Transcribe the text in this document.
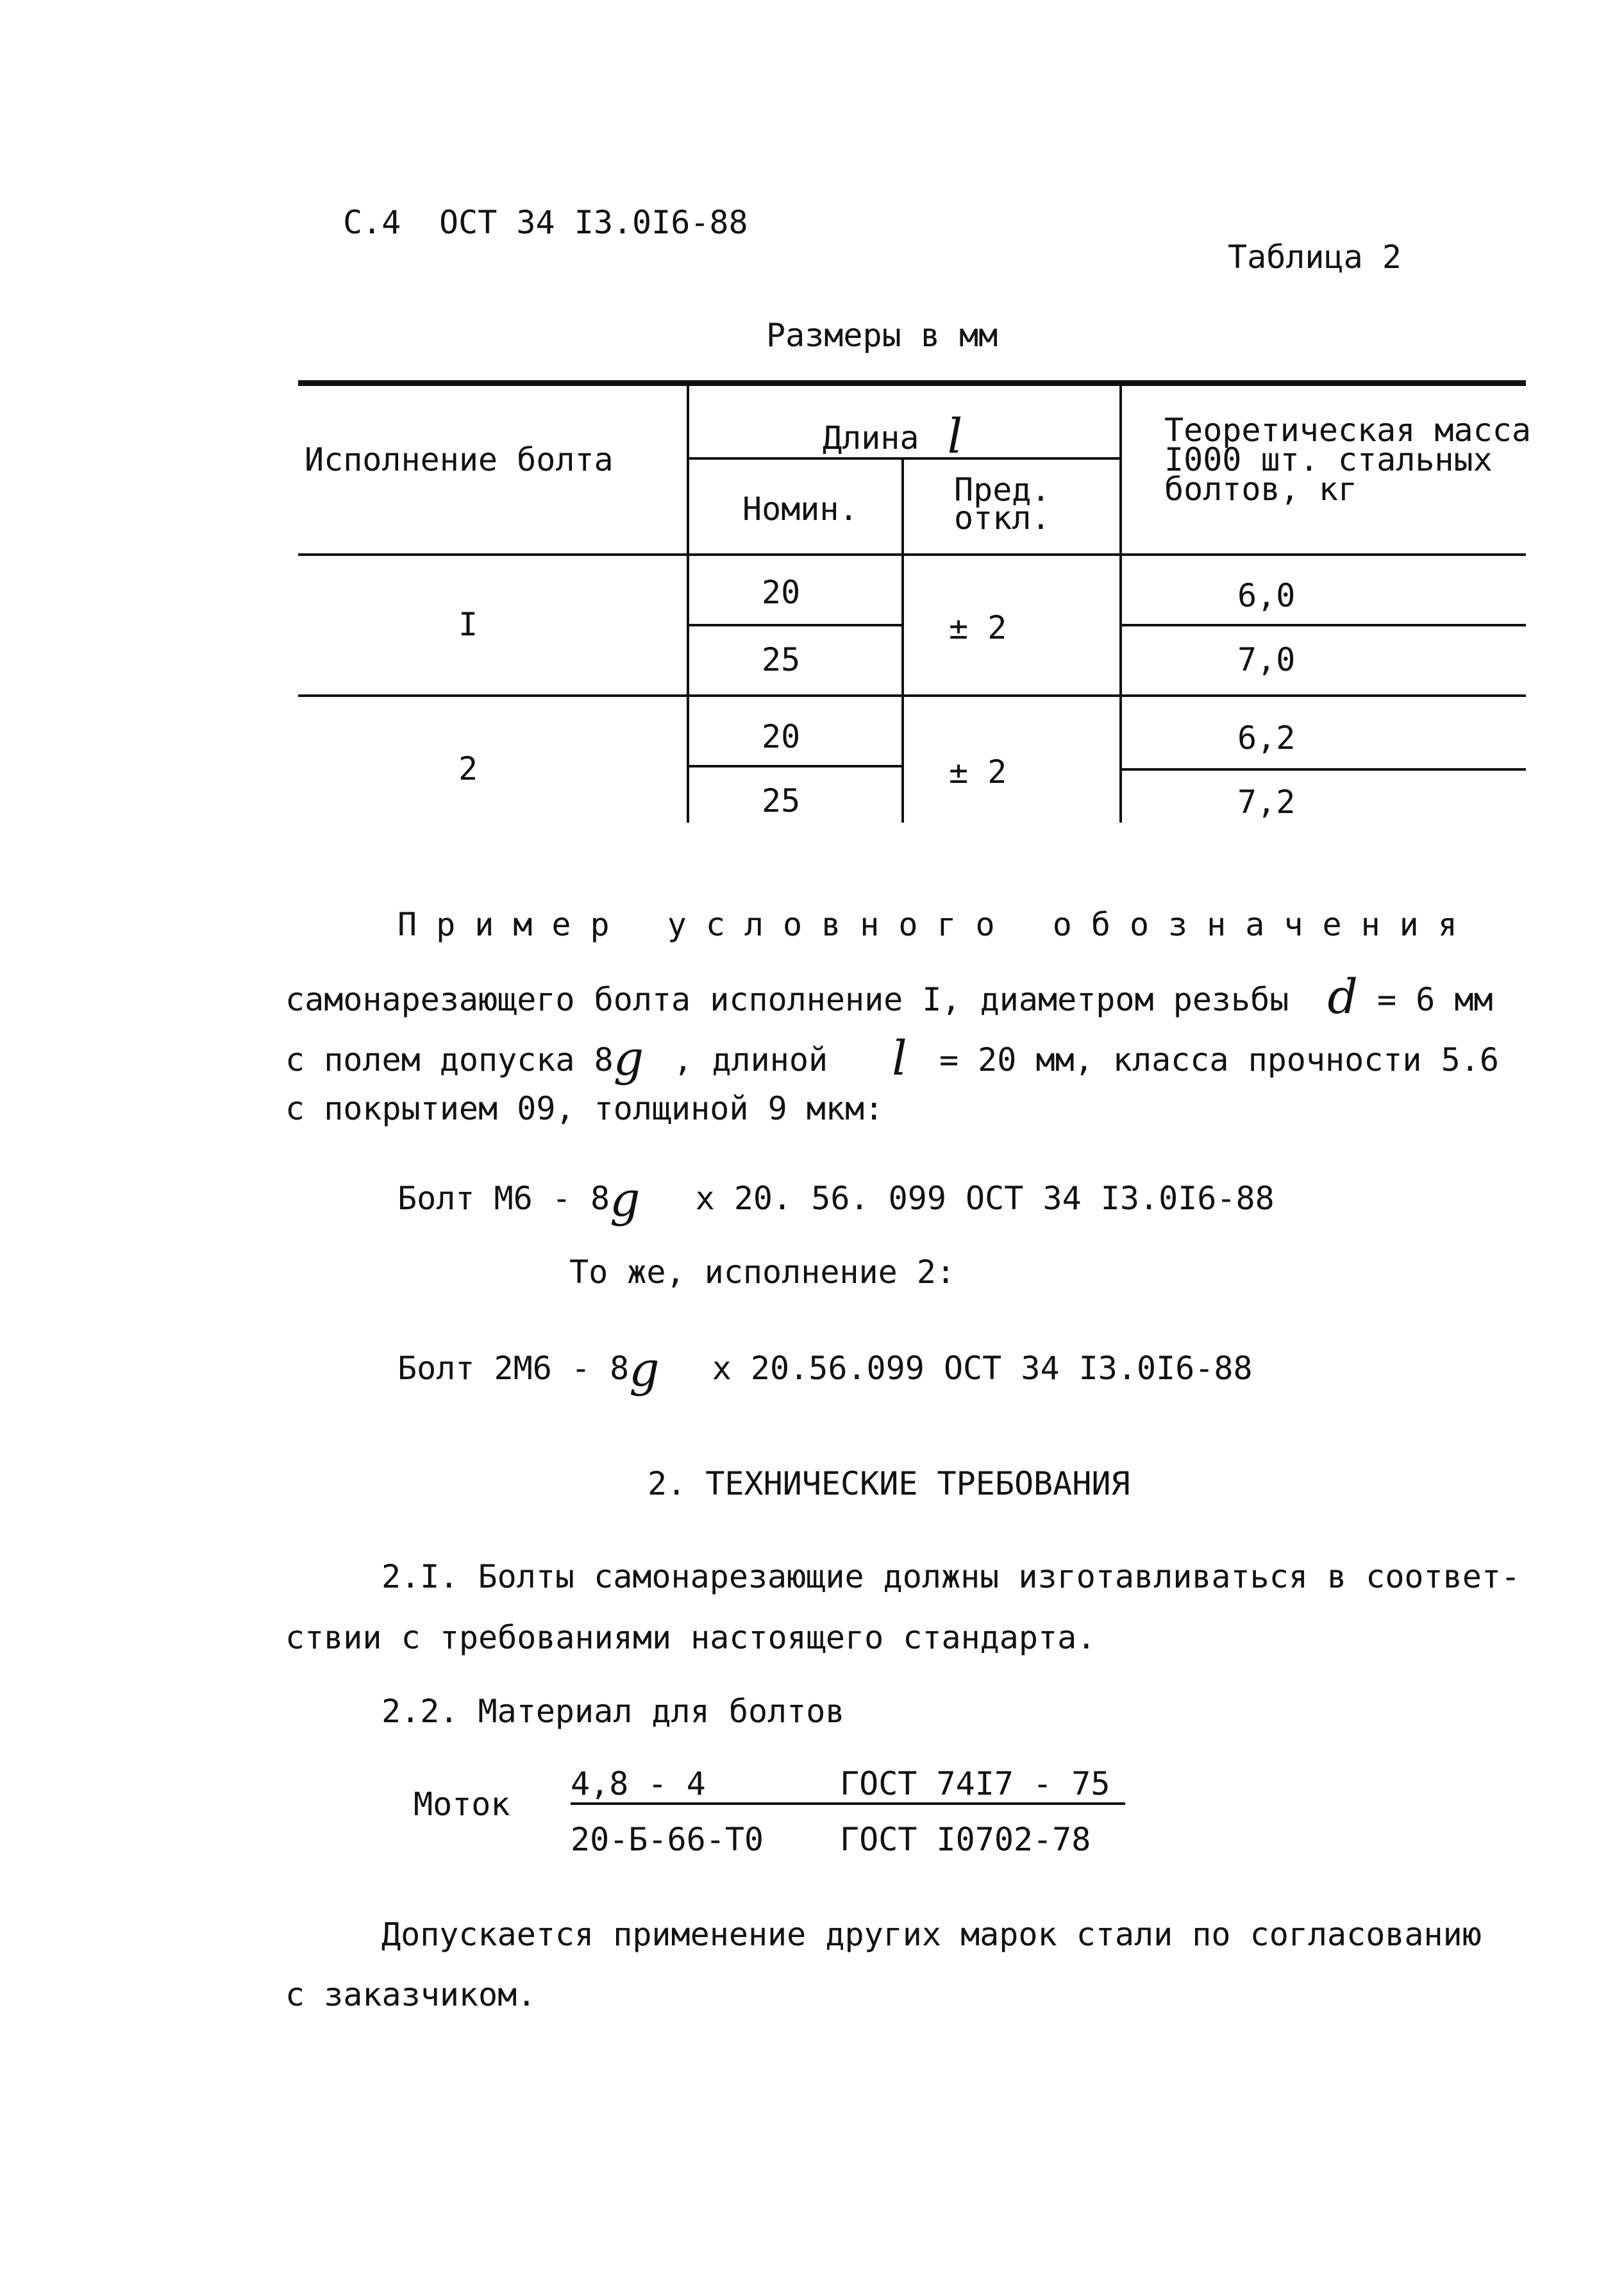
С.4 ОСТ 34 I3.0I6-88
Таблица 2
Размеры в мм
Исполнение болта
Длина l
Номин.
Пред.
откл.
Теоретическая масса
I000 шт. стальных
болтов, кг
I
20
25
± 2
6,0
7,0
2
20
25
± 2
6,2
7,2
Пример условного обозначения
самонарезающего болта исполнение I, диаметром резьбы d = 6 мм
с полем допуска 8g , длиной l = 20 мм, класса прочности 5.6
с покрытием 09, толщиной 9 мкм:
Болт М6 - 8g x 20. 56. 099 ОСТ 34 I3.0I6-88
То же, исполнение 2:
Болт 2М6 - 8g x 20.56.099 ОСТ 34 I3.0I6-88
2. ТЕХНИЧЕСКИЕ ТРЕБОВАНИЯ
2.I. Болты самонарезающие должны изготавливаться в соответ-
ствии с требованиями настоящего стандарта.
2.2. Материал для болтов
Моток
4,8 - 4	ГОСТ 74I7 - 75
20-Б-66-Т0 ГОСТ I0702-78
Допускается применение других марок стали по согласованию
с заказчиком.
